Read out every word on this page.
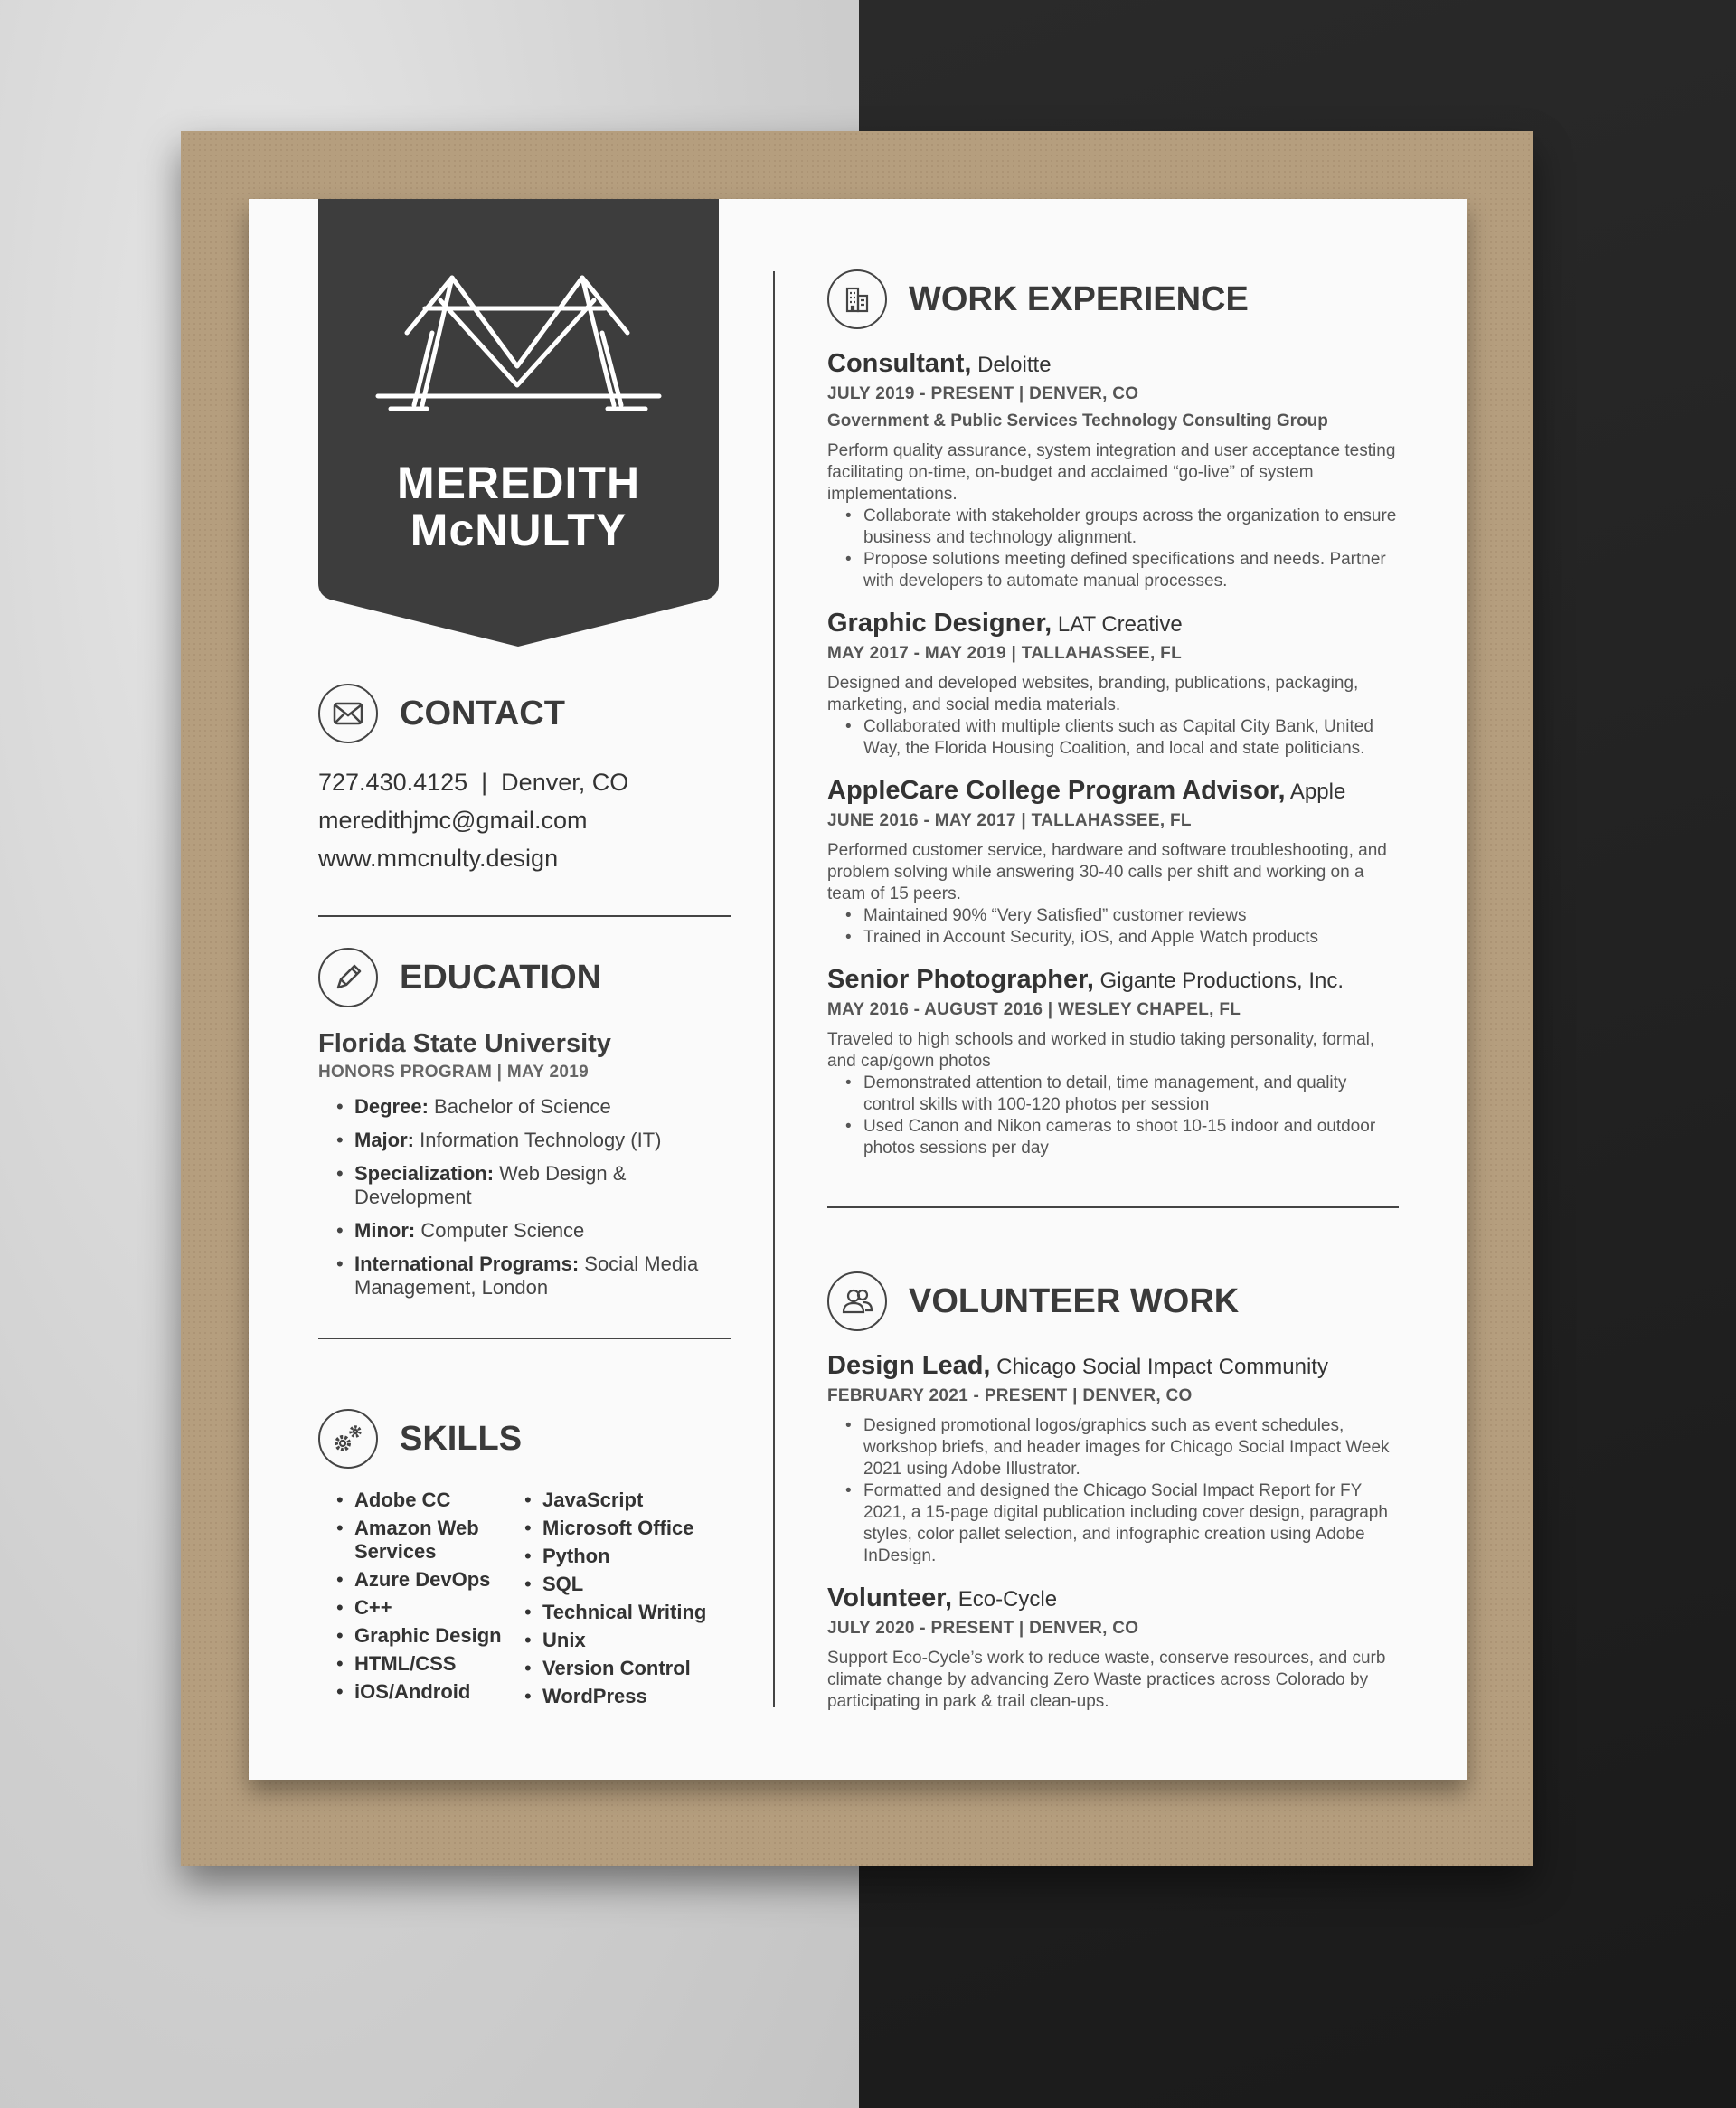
MEREDITH
McNULTY
CONTACT

727.430.4125  |  Denver, CO

meredithjmc@gmail.com

www.mmcnulty.design

EDUCATION
Florida State University
HONORS PROGRAM | MAY 2019
• Degree: Bachelor of Science
• Major: Information Technology (IT)
• Specialization: Web Design & Development
• Minor: Computer Science
• International Programs: Social Media Management, London
SKILLS
• Adobe CC
• Amazon Web Services
• Azure DevOps
• C++
• Graphic Design
• HTML/CSS
• iOS/Android
• JavaScript
• Microsoft Office
• Python
• SQL
• Technical Writing
• Unix
• Version Control
• WordPress
WORK EXPERIENCE
Consultant, Deloitte
JULY 2019 - PRESENT | DENVER, CO
Government & Public Services Technology Consulting Group
Perform quality assurance, system integration and user acceptance testing facilitating on-time, on-budget and acclaimed “go-live” of system implementations.
• Collaborate with stakeholder groups across the organization to ensure business and technology alignment.
• Propose solutions meeting defined specifications and needs. Partner with developers to automate manual processes.
Graphic Designer, LAT Creative
MAY 2017 - MAY 2019 | TALLAHASSEE, FL
Designed and developed websites, branding, publications, packaging, marketing, and social media materials.
• Collaborated with multiple clients such as Capital City Bank, United Way, the Florida Housing Coalition, and local and state politicians.
AppleCare College Program Advisor, Apple
JUNE 2016 - MAY 2017 | TALLAHASSEE, FL
Performed customer service, hardware and software troubleshooting, and problem solving while answering 30-40 calls per shift and working on a team of 15 peers.
• Maintained 90% “Very Satisfied” customer reviews
• Trained in Account Security, iOS, and Apple Watch products
Senior Photographer, Gigante Productions, Inc.
MAY 2016 - AUGUST 2016 | WESLEY CHAPEL, FL
Traveled to high schools and worked in studio taking personality, formal, and cap/gown photos
• Demonstrated attention to detail, time management, and quality control skills with 100-120 photos per session
• Used Canon and Nikon cameras to shoot 10-15 indoor and outdoor photos sessions per day
VOLUNTEER WORK
Design Lead, Chicago Social Impact Community
FEBRUARY 2021 - PRESENT | DENVER, CO
• Designed promotional logos/graphics such as event schedules, workshop briefs, and header images for Chicago Social Impact Week 2021 using Adobe Illustrator.
• Formatted and designed the Chicago Social Impact Report for FY 2021, a 15-page digital publication including cover design, paragraph styles, color pallet selection, and infographic creation using Adobe InDesign.
Volunteer, Eco-Cycle
JULY 2020 - PRESENT | DENVER, CO
Support Eco-Cycle’s work to reduce waste, conserve resources, and curb climate change by advancing Zero Waste practices across Colorado by participating in park & trail clean-ups.
